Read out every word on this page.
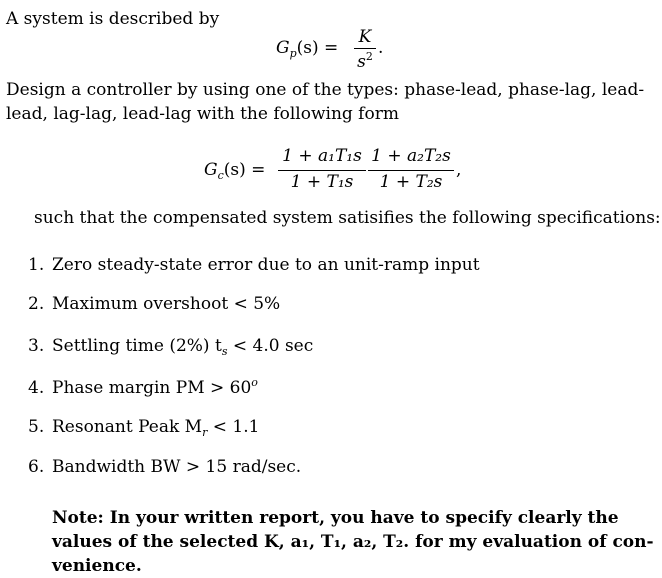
A system is described by
$G_p(s)$ =
K
$s^2$ .
Design a controller by using one of the types: phase-lead, phase-lag, lead-
lead, lag-lag, lead-lag with the following form
$G_c(s)$ =
1 + a₁T₁s
1 + T₁s
1 + a₂T₂s
1 + T₂s
,
such that the compensated system satisifies the following specifications:
1. Zero steady-state error due to an unit-ramp input
2. Maximum overshoot < 5%
3. Settling time (2%) $t_s < 4.0$ sec
4. Phase margin PM > $60^o$
5. Resonant Peak $M_r < 1.1$
6. Bandwidth BW > 15 rad/sec.
Note: In your written report, you have to specify clearly the
values of the selected K, a₁, T₁, a₂, T₂. for my evaluation of con-
venience.
